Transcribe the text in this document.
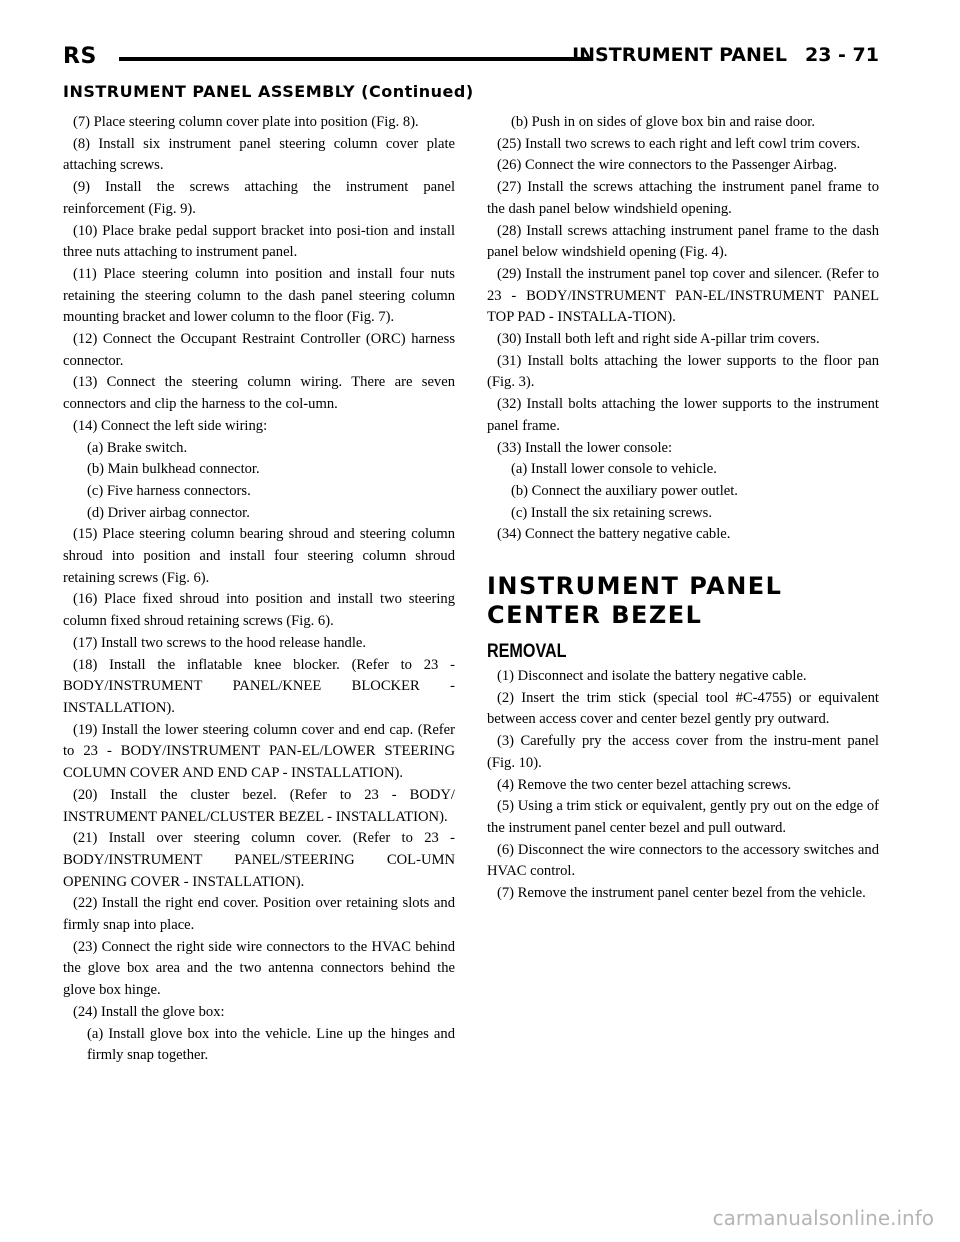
RS	INSTRUMENT PANEL 23 - 71
INSTRUMENT PANEL ASSEMBLY (Continued)
(7) Place steering column cover plate into position (Fig. 8).
(8) Install six instrument panel steering column cover plate attaching screws.
(9) Install the screws attaching the instrument panel reinforcement (Fig. 9).
(10) Place brake pedal support bracket into posi-tion and install three nuts attaching to instrument panel.
(11) Place steering column into position and install four nuts retaining the steering column to the dash panel steering column mounting bracket and lower column to the floor (Fig. 7).
(12) Connect the Occupant Restraint Controller (ORC) harness connector.
(13) Connect the steering column wiring. There are seven connectors and clip the harness to the col-umn.
(14) Connect the left side wiring:
(a) Brake switch.
(b) Main bulkhead connector.
(c) Five harness connectors.
(d) Driver airbag connector.
(15) Place steering column bearing shroud and steering column shroud into position and install four steering column shroud retaining screws (Fig. 6).
(16) Place fixed shroud into position and install two steering column fixed shroud retaining screws (Fig. 6).
(17) Install two screws to the hood release handle.
(18) Install the inflatable knee blocker. (Refer to 23 - BODY/INSTRUMENT PANEL/KNEE BLOCKER - INSTALLATION).
(19) Install the lower steering column cover and end cap. (Refer to 23 - BODY/INSTRUMENT PAN-EL/LOWER STEERING COLUMN COVER AND END CAP - INSTALLATION).
(20) Install the cluster bezel. (Refer to 23 - BODY/ INSTRUMENT PANEL/CLUSTER BEZEL - INSTALLATION).
(21) Install over steering column cover. (Refer to 23 - BODY/INSTRUMENT PANEL/STEERING COL-UMN OPENING COVER - INSTALLATION).
(22) Install the right end cover. Position over retaining slots and firmly snap into place.
(23) Connect the right side wire connectors to the HVAC behind the glove box area and the two antenna connectors behind the glove box hinge.
(24) Install the glove box:
(a) Install glove box into the vehicle. Line up the hinges and firmly snap together.
(b) Push in on sides of glove box bin and raise door.
(25) Install two screws to each right and left cowl trim covers.
(26) Connect the wire connectors to the Passenger Airbag.
(27) Install the screws attaching the instrument panel frame to the dash panel below windshield opening.
(28) Install screws attaching instrument panel frame to the dash panel below windshield opening (Fig. 4).
(29) Install the instrument panel top cover and silencer. (Refer to 23 - BODY/INSTRUMENT PAN-EL/INSTRUMENT PANEL TOP PAD - INSTALLA-TION).
(30) Install both left and right side A-pillar trim covers.
(31) Install bolts attaching the lower supports to the floor pan (Fig. 3).
(32) Install bolts attaching the lower supports to the instrument panel frame.
(33) Install the lower console:
(a) Install lower console to vehicle.
(b) Connect the auxiliary power outlet.
(c) Install the six retaining screws.
(34) Connect the battery negative cable.
INSTRUMENT PANEL CENTER BEZEL
REMOVAL
(1) Disconnect and isolate the battery negative cable.
(2) Insert the trim stick (special tool #C-4755) or equivalent between access cover and center bezel gently pry outward.
(3) Carefully pry the access cover from the instru-ment panel (Fig. 10).
(4) Remove the two center bezel attaching screws.
(5) Using a trim stick or equivalent, gently pry out on the edge of the instrument panel center bezel and pull outward.
(6) Disconnect the wire connectors to the accessory switches and HVAC control.
(7) Remove the instrument panel center bezel from the vehicle.
carmanualsonline.info
